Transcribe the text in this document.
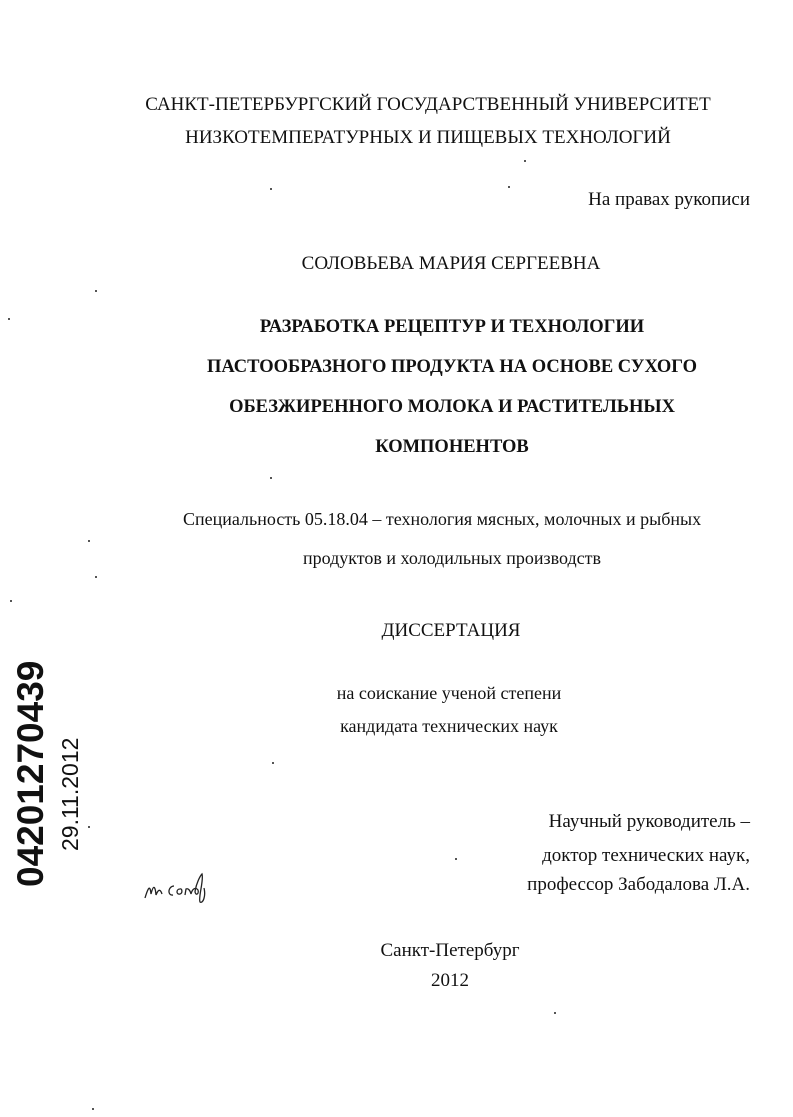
САНКТ-ПЕТЕРБУРГСКИЙ ГОСУДАРСТВЕННЫЙ УНИВЕРСИТЕТ
НИЗКОТЕМПЕРАТУРНЫХ И ПИЩЕВЫХ ТЕХНОЛОГИЙ
На правах рукописи
СОЛОВЬЕВА МАРИЯ СЕРГЕЕВНА
РАЗРАБОТКА РЕЦЕПТУР И ТЕХНОЛОГИИ
ПАСТООБРАЗНОГО ПРОДУКТА НА ОСНОВЕ СУХОГО
ОБЕЗЖИРЕННОГО МОЛОКА И РАСТИТЕЛЬНЫХ
КОМПОНЕНТОВ
Специальность 05.18.04 – технология мясных, молочных и рыбных
продуктов и холодильных производств
ДИССЕРТАЦИЯ
на соискание ученой степени
кандидата технических наук
Научный руководитель –
доктор технических наук,
профессор Забодалова Л.А.
Санкт-Петербург
2012
04201270439 29.11.2012
